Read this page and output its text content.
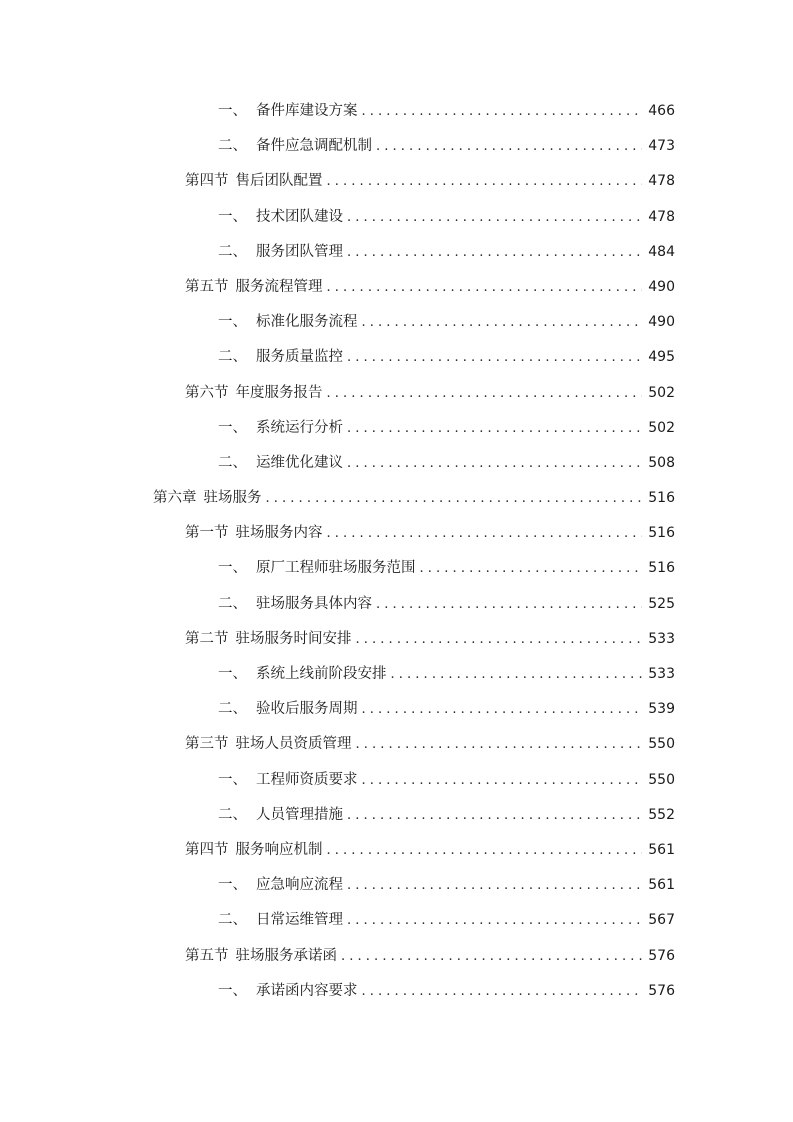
一、 备件库建设方案 . . .	466
二、 备件应急调配机制 . . .	473
第四节 售后团队配置 . . .	478
一、 技术团队建设 . . .	478
二、 服务团队管理 . . .	484
第五节 服务流程管理 . . .	490
一、 标准化服务流程 . . .	490
二、 服务质量监控 . . .	495
第六节 年度服务报告 . . .	502
一、 系统运行分析 . . .	502
二、 运维优化建议 . . .	508
第六章 驻场服务 . . .	516
第一节 驻场服务内容 . . .	516
一、 原厂工程师驻场服务范围 . . .	516
二、 驻场服务具体内容 . . .	525
第二节 驻场服务时间安排 . . .	533
一、 系统上线前阶段安排 . . .	533
二、 验收后服务周期 . . .	539
第三节 驻场人员资质管理 . . .	550
一、 工程师资质要求 . . .	550
二、 人员管理措施 . . .	552
第四节 服务响应机制 . . .	561
一、 应急响应流程 . . .	561
二、 日常运维管理 . . .	567
第五节 驻场服务承诺函 . . .	576
一、 承诺函内容要求 . . .	576
